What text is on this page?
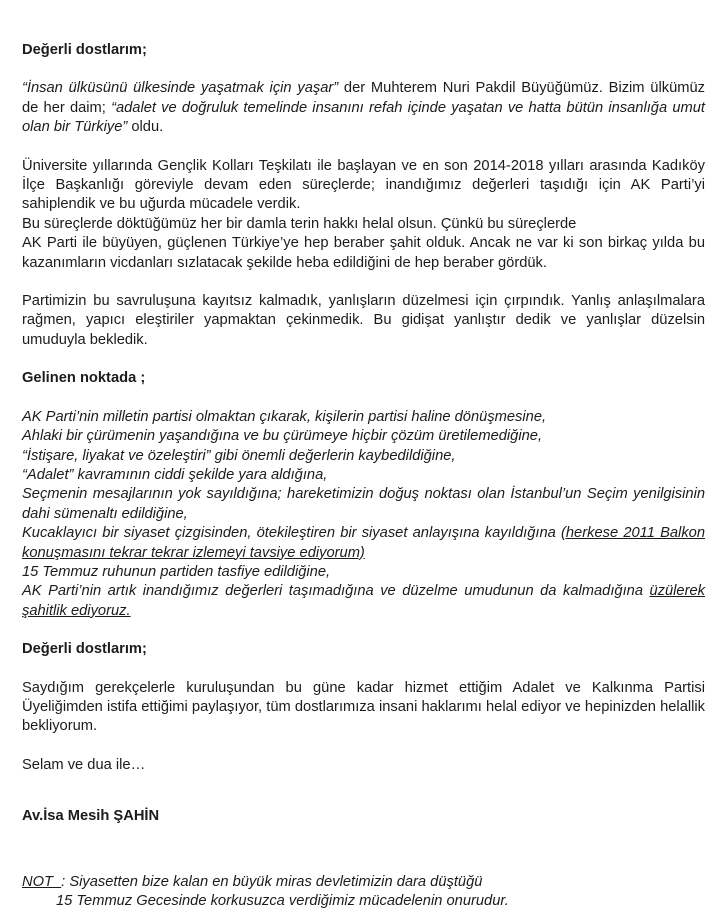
Değerli dostlarım;
“İnsan ülküsünü ülkesinde yaşatmak için yaşar” der Muhterem Nuri Pakdil Büyüğümüz. Bizim ülkümüz de her daim; “adalet ve doğruluk temelinde insanını refah içinde yaşatan ve hatta bütün insanlığa umut olan bir Türkiye” oldu.
Üniversite yıllarında Gençlik Kolları Teşkilatı ile başlayan ve en son 2014-2018 yılları arasında Kadıköy İlçe Başkanlığı göreviyle devam eden süreçlerde; inandığımız değerleri taşıdığı için AK Parti’yi sahiplendik ve bu uğurda mücadele verdik.
Bu süreçlerde döktüğümüz her bir damla terin hakkı helal olsun. Çünkü bu süreçlerde
AK Parti ile büyüyen, güçlenen Türkiye’ye hep beraber şahit olduk. Ancak ne var ki son birkaç yılda bu kazanımların vicdanları sızlatacak şekilde heba edildiğini de hep beraber gördük.
Partimizin bu savruluşuna kayıtsız kalmadık, yanlışların düzelmesi için çırpındık. Yanlış anlaşılmalara rağmen, yapıcı eleştiriler yapmaktan çekinmedik. Bu gidişat yanlıştır dedik ve yanlışlar düzelsin umuduyla bekledik.
Gelinen noktada ;
AK Parti’nin milletin partisi olmaktan çıkarak, kişilerin partisi haline dönüşmesine,
Ahlaki bir çürümenin yaşandığına ve bu çürümeye hiçbir çözüm üretilemediğine,
“İstişare, liyakat ve özeleştiri” gibi önemli değerlerin kaybedildiğine,
“Adalet” kavramının ciddi şekilde yara aldığına,
Seçmenin mesajlarının yok sayıldığına; hareketimizin doğuş noktası olan İstanbul’un Seçim yenilgisinin dahi sümenaltı edildiğine,
Kucaklayıcı bir siyaset çizgisinden, ötekileştiren bir siyaset anlayışına kayıldığına (herkese 2011 Balkon konuşmasını tekrar tekrar izlemeyi tavsiye ediyorum)
15 Temmuz ruhunun partiden tasfiye edildiğine,
AK Parti’nin artık inandığımız değerleri taşımadığına ve düzelme umudunun da kalmadığına üzülerek şahitlik ediyoruz.
Değerli dostlarım;
Saydığım gerekçelerle kuruluşundan bu güne kadar hizmet ettiğim Adalet ve Kalkınma Partisi Üyeliğimden istifa ettiğimi paylaşıyor, tüm dostlarımıza insani haklarımı helal ediyor ve hepinizden helallik bekliyorum.
Selam ve dua ile…
Av.İsa Mesih ŞAHİN
NOT  : Siyasetten bize kalan en büyük miras devletimizin dara düştüğü
15 Temmuz Gecesinde korkusuzca verdiğimiz mücadelenin onurudur.
